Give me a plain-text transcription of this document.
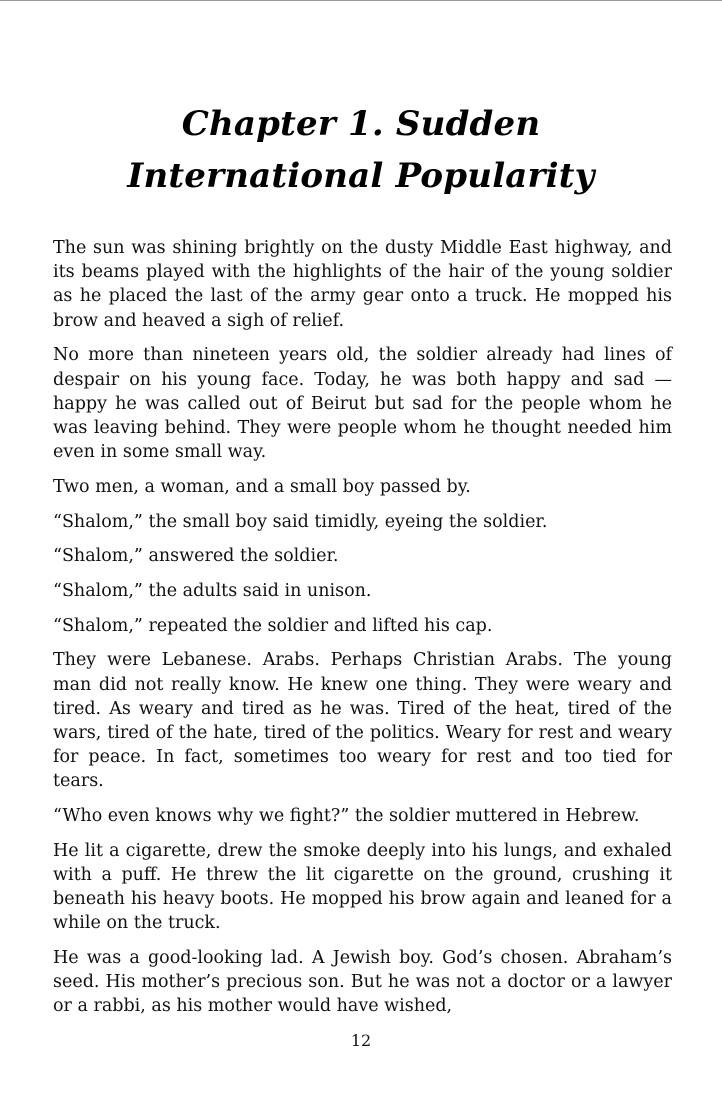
Chapter 1. Sudden
International Popularity

The sun was shining brightly on the dusty Middle East highway, and its beams played with the highlights of the hair of the young soldier as he placed the last of the army gear onto a truck. He mopped his brow and heaved a sigh of relief.

No more than nineteen years old, the soldier already had lines of despair on his young face. Today, he was both happy and sad — happy he was called out of Beirut but sad for the people whom he was leaving behind. They were people whom he thought needed him even in some small way.

Two men, a woman, and a small boy passed by.

“Shalom,” the small boy said timidly, eyeing the soldier.

“Shalom,” answered the soldier.

“Shalom,” the adults said in unison.

“Shalom,” repeated the soldier and lifted his cap.

They were Lebanese. Arabs. Perhaps Christian Arabs. The young man did not really know. He knew one thing. They were weary and tired. As weary and tired as he was. Tired of the heat, tired of the wars, tired of the hate, tired of the politics. Weary for rest and weary for peace. In fact, sometimes too weary for rest and too tied for tears.

“Who even knows why we fight?” the soldier muttered in Hebrew.

He lit a cigarette, drew the smoke deeply into his lungs, and exhaled with a puff. He threw the lit cigarette on the ground, crushing it beneath his heavy boots. He mopped his brow again and leaned for a while on the truck.

He was a good-looking lad. A Jewish boy. God’s chosen. Abraham’s seed. His mother’s precious son. But he was not a doctor or a lawyer or a rabbi, as his mother would have wished,

12
